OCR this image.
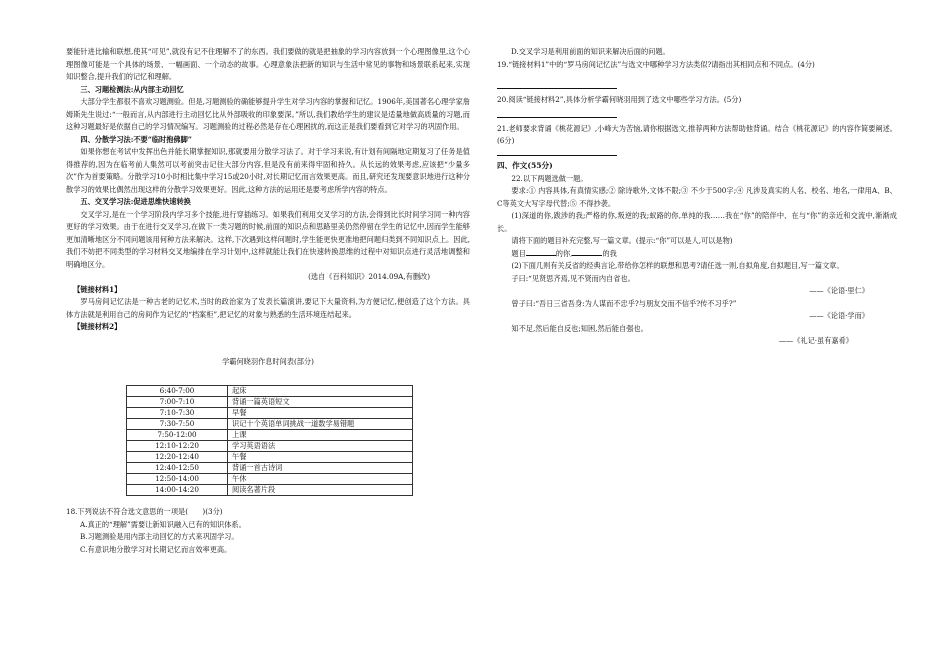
要能针进比输和联想,使其“可见”,就没有记不住理解不了的东西。我们要做的就是把抽象的学习内容放到一个心理图像里,这个心理图像可能是一个具体的场景、一幅画面、一个动态的故事。心理意象法把新的知识与生活中常见的事物和场景联系起来,实现知识整合,提升我们的记忆和理解。

三、习题检测法:从内部主动回忆

大部分学生都很不喜欢习题测验。但是,习题测验的确能够提升学生对学习内容的掌握和记忆。1906年,美国著名心理学家詹姆斯先生说过:“一般而言,从内部进行主动回忆比从外部吸收的印象要深。”所以,我们教给学生的建议是适量地做高质量的习题,而这种习题最好是依据自己的学习情况编写。习题测验的过程必然是存在心理困扰的,而这正是我们要看到它对学习的巩固作用。

四、分散学习法:不要“临时抱佛脚”

如果你想在考试中发挥出色并能长期掌握知识,那就要用分散学习法了。对于学习来说,有计划有间隔地定期复习了任务是值得推荐的,因为在临考前人集然可以考前突击记住大部分内容,但是没有前来得牢固和持久。从长远的效果考虑,应该把“少量多次”作为首要策略。分散学习10小时相比集中学习15或20小时,对长期记忆而言效果更高。而且,研究还发现要意识地进行这种分散学习的效果比偶然出现这样的分散学习效果更好。因此,这种方法的运用还是要考虑所学内容的特点。

五、交叉学习法:促进思维快速转换

交叉学习,是在一个学习阶段内学习多个技能,进行穿插练习。如果我们利用交叉学习的方法,会得到比长时间学习同一种内容更好的学习效果。由于在进行交叉学习,在做下一类习题的时候,前面的知识点和思路里美仍然停留在学生的记忆中,因而学生能够更加清晰地区分不同问题该用何种方法来解决。这样,下次遇到这样问题时,学生能更快更准地把问题归类到不同知识点上。因此,我们不妨把不同类型的学习材料交叉地编排在学习计划中,这样就能让我们在快速转换思维的过程中对知识点进行灵活地调整和明确地区分。

(选自《百科知识》2014.09A,有删改)

【链接材料1】

罗马房间记忆法是一种古老的记忆术,当时的政治家为了发表长篇演讲,要记下大量资料,为方便记忆,便创造了这个方法。具体方法就是利用自己的房间作为记忆的“档案柜”,把记忆的对象与熟悉的生活环境连结起来。

【链接材料2】

学霸何晓羽作息时间表(部分)

6:40-7:00	起床
7:00-7:10	背诵一篇英语短文
7:10-7:30	早餐
7:30-7:50	识记十个英语单词挑战一道数学易错题
7:50-12:00	上课
12:10-12:20	学习英语语法
12:20-12:40	午餐
12:40-12:50	背诵一首古诗词
12:50-14:00	午休
14:00-14:20	阅读名著片段

18.下列说法不符合选文意思的一项是(　　)(3分)

A.真正的“理解”需要让新知识融入已有的知识体系。

B.习题测验是用内部主动回忆的方式来巩固学习。

C.有意识地分散学习对长期记忆而言效率更高。

D.交叉学习是利用前面的知识来解决后面的问题。

19.“链接材料1”中的“罗马房间记忆法”与选文中哪种学习方法类似?请指出其相同点和不同点。(4分)

20.阅读“链接材料2”,具体分析学霸何晓羽用到了选文中哪些学习方法。(5分)

21.老师要求背诵《桃花源记》,小峰大为苦恼,请你根据选文,推荐两种方法帮助他背诵。结合《桃花源记》的内容作简要阐述。(6分)

四、作文(55分)

22.以下两题选做一题。

要求:① 内容具体,有真情实感;② 除诗歌外,文体不限;③ 不少于500字;④ 凡涉及真实的人名、校名、地名,一律用A、B、C等英文大写字母代替;⑤ 不得抄袭。

(1)深道的你,跋涉的我;严格的你,叛逆的我;蚁路的你,单纯的我……我在“你”的陪伴中、在与“你”的亲近和交流中,渐渐成长。

请将下面的题目补充完整,写一篇文章。(提示:“你”可以是人,可以是物)

题目	的你,	的我

(2)下面几则有关反省的经典言论,带给你怎样的联想和思考?请任选一则,自拟角度,自拟题目,写一篇文章。

子曰:“见贤思齐焉,见不贤而内自省也。

——《论语·里仁》

曾子曰:“吾日三省吾身:为人谋而不忠乎?与朋友交而不信乎?传不习乎?”

——《论语·学而》

知不足,然后能自反也;知困,然后能自强也。

——《礼记·虽有嘉肴》
